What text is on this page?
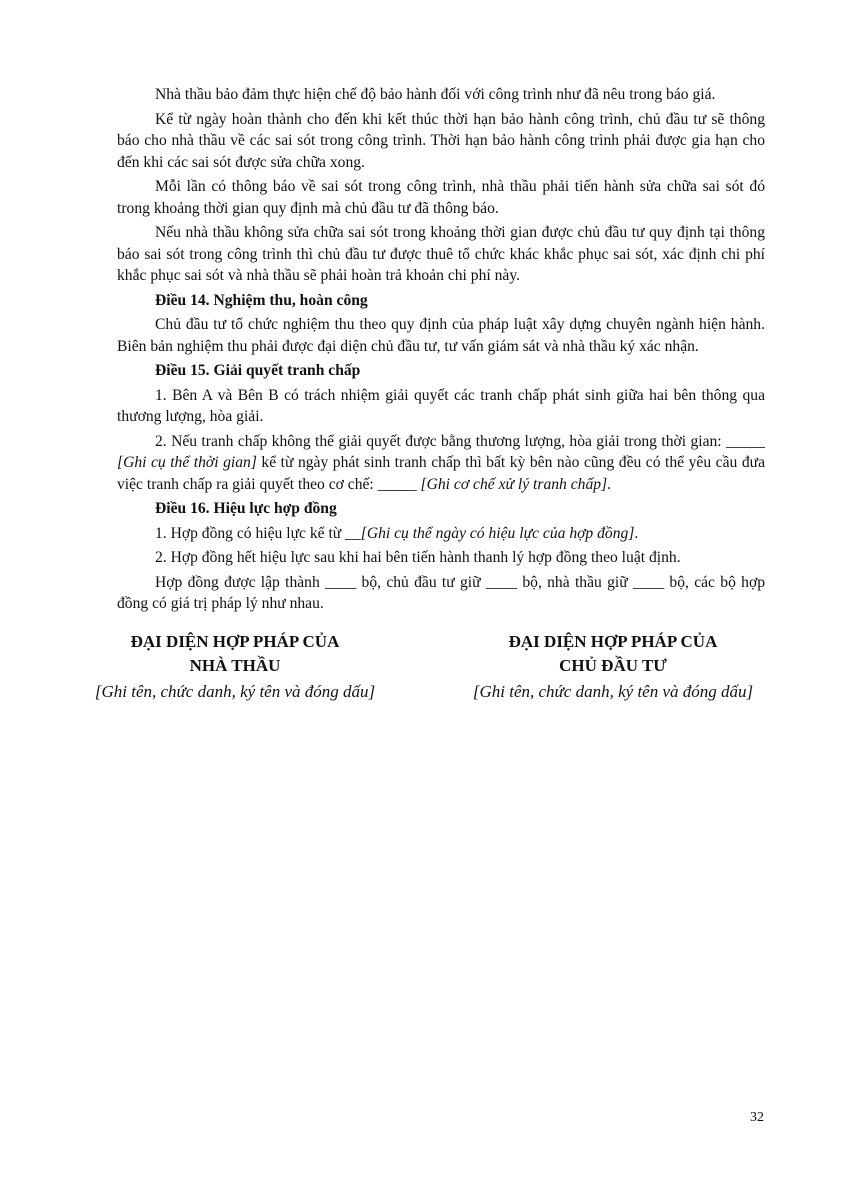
Nhà thầu bảo đảm thực hiện chế độ bảo hành đối với công trình như đã nêu trong báo giá.

Kể từ ngày hoàn thành cho đến khi kết thúc thời hạn bảo hành công trình, chủ đầu tư sẽ thông báo cho nhà thầu về các sai sót trong công trình. Thời hạn bảo hành công trình phải được gia hạn cho đến khi các sai sót được sửa chữa xong.

Mỗi lần có thông báo về sai sót trong công trình, nhà thầu phải tiến hành sửa chữa sai sót đó trong khoảng thời gian quy định mà chủ đầu tư đã thông báo.

Nếu nhà thầu không sửa chữa sai sót trong khoảng thời gian được chủ đầu tư quy định tại thông báo sai sót trong công trình thì chủ đầu tư được thuê tổ chức khác khắc phục sai sót, xác định chi phí khắc phục sai sót và nhà thầu sẽ phải hoàn trả khoản chi phí này.

Điều 14. Nghiệm thu, hoàn công

Chủ đầu tư tổ chức nghiệm thu theo quy định của pháp luật xây dựng chuyên ngành hiện hành. Biên bản nghiệm thu phải được đại diện chủ đầu tư, tư vấn giám sát và nhà thầu ký xác nhận.

Điều 15. Giải quyết tranh chấp

1. Bên A và Bên B có trách nhiệm giải quyết các tranh chấp phát sinh giữa hai bên thông qua thương lượng, hòa giải.

2. Nếu tranh chấp không thể giải quyết được bằng thương lượng, hòa giải trong thời gian: _____ [Ghi cụ thể thời gian] kể từ ngày phát sinh tranh chấp thì bất kỳ bên nào cũng đều có thể yêu cầu đưa việc tranh chấp ra giải quyết theo cơ chế: _____ [Ghi cơ chế xử lý tranh chấp].

Điều 16. Hiệu lực hợp đồng

1. Hợp đồng có hiệu lực kể từ __[Ghi cụ thể ngày có hiệu lực của hợp đồng].

2. Hợp đồng hết hiệu lực sau khi hai bên tiến hành thanh lý hợp đồng theo luật định.

Hợp đồng được lập thành ____ bộ, chủ đầu tư giữ ____ bộ, nhà thầu giữ ____ bộ, các bộ hợp đồng có giá trị pháp lý như nhau.

ĐẠI DIỆN HỢP PHÁP CỦA
NHÀ THẦU
[Ghi tên, chức danh, ký tên và đóng dấu]
ĐẠI DIỆN HỢP PHÁP CỦA
CHỦ ĐẦU TƯ
[Ghi tên, chức danh, ký tên và đóng dấu]
32
